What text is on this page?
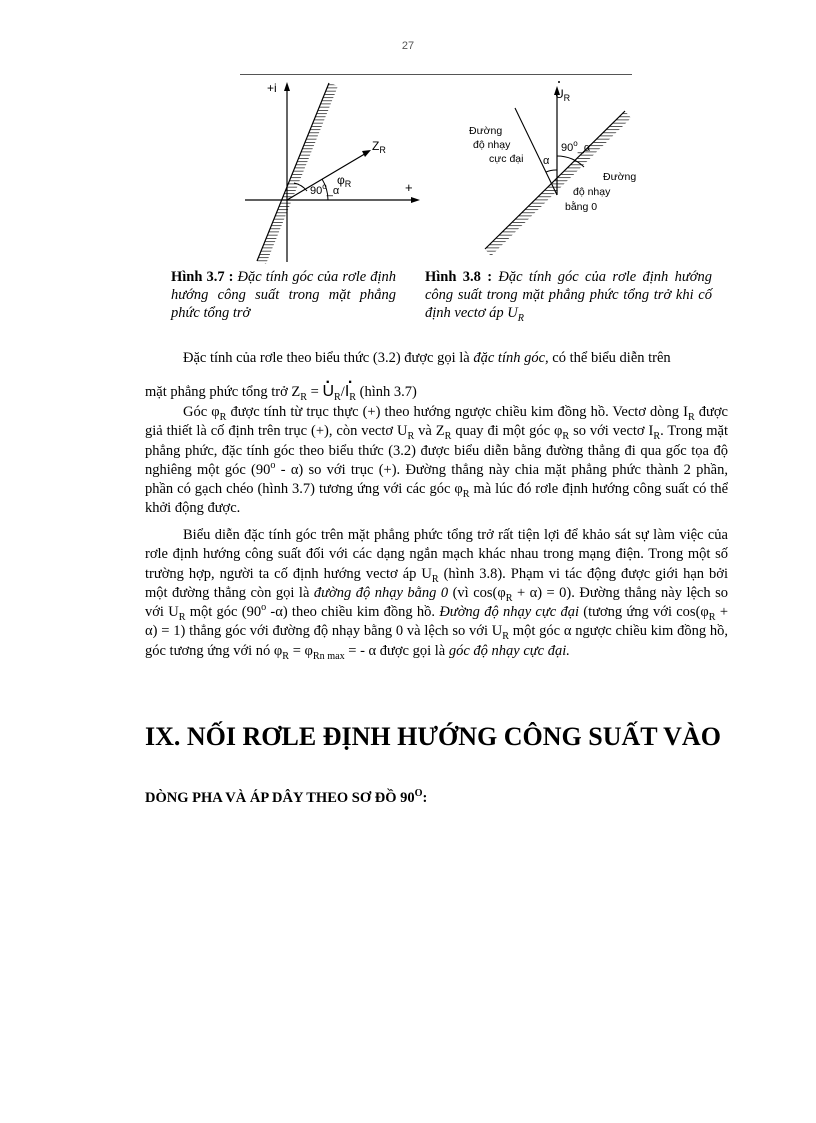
27
+i
+
$Z_R$
$\varphi_R$
90$^o$_α
$U_R$
Đường
độ nhạy
cực đại α
90$^o$_α
Đường
độ nhạy
bằng 0
Hình 3.7 : Đặc tính góc của rơle định hướng công suất trong mặt phẳng phức tổng trở
Hình 3.8 : Đặc tính góc của rơle định hướng công suất trong mặt phẳng phức tổng trở khi cố định vectơ áp $U_R$
Đặc tính của rơle theo biểu thức (3.2) được gọi là đặc tính góc, có thể biểu diễn trên
mặt phẳng phức tổng trở $Z_R$ = · $U_R/\cdot I_R$ (hình 3.7)
Góc $\varphi_R$ được tính từ trục thực (+) theo hướng ngược chiều kim đồng hồ. Vectơ dòng $I_R$ được giả thiết là cố định trên trục (+), còn vectơ $U_R$ và $Z_R$ quay đi một góc $\varphi_R$ so với vectơ $I_R$. Trong mặt phẳng phức, đặc tính góc theo biểu thức (3.2) được biểu diễn bằng đường thẳng đi qua gốc tọa độ nghiêng một góc (90$^o$ - α) so với trục (+). Đường thẳng này chia mặt phẳng phức thành 2 phần, phần có gạch chéo (hình 3.7) tương ứng với các góc $\varphi_R$ mà lúc đó rơle định hướng công suất có thể khởi động được.
Biểu diễn đặc tính góc trên mặt phẳng phức tổng trở rất tiện lợi để khảo sát sự làm việc của rơle định hướng công suất đối với các dạng ngắn mạch khác nhau trong mạng điện. Trong một số trường hợp, người ta cố định hướng vectơ áp $U_R$ (hình 3.8). Phạm vi tác động được giới hạn bởi một đường thẳng còn gọi là đường độ nhạy bằng 0 (vì $\cos(\varphi_R + \alpha) = 0$). Đường thẳng này lệch so với $U_R$ một góc (90$^o$ -α) theo chiều kim đồng hồ. Đường độ nhạy cực đại (tương ứng với $\cos(\varphi_R + \alpha) = 1$) thẳng góc với đường độ nhạy bằng 0 và lệch so với $U_R$ một góc α ngược chiều kim đồng hồ, góc tương ứng với nó $\varphi_R = \varphi_{Rn max}$ = - α được gọi là góc độ nhạy cực đại.
IX. NỐI RƠLE ĐỊNH HƯỚNG CÔNG SUẤT VÀO
DÒNG PHA VÀ ÁP DÂY THEO SƠ ĐỒ $90^O$:
